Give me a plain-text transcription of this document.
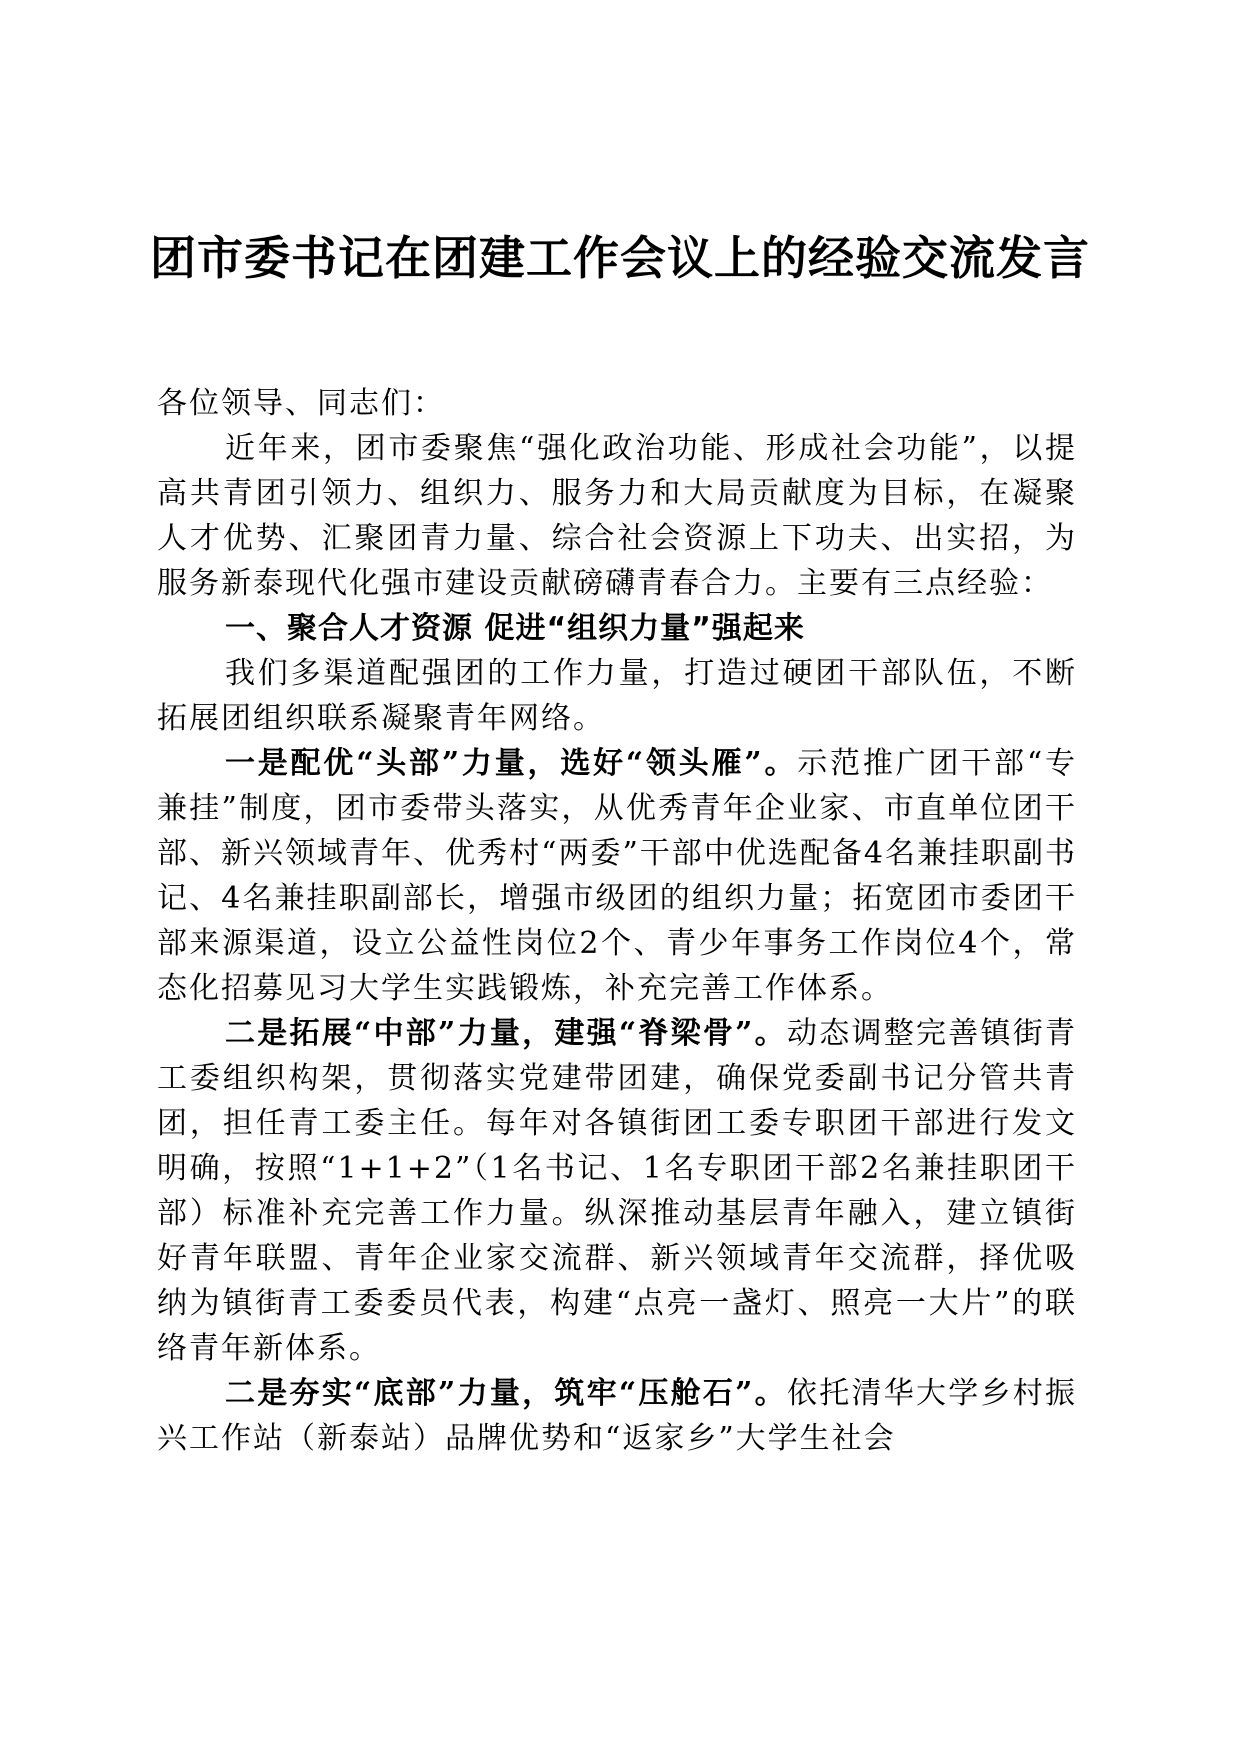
团市委书记在团建工作会议上的经验交流发言

各位领导、同志们：

近年来，团市委聚焦“强化政治功能、形成社会功能”，以提高共青团引领力、组织力、服务力和大局贡献度为目标，在凝聚人才优势、汇聚团青力量、综合社会资源上下功夫、出实招，为服务新泰现代化强市建设贡献磅礴青春合力。主要有三点经验：

一、聚合人才资源 促进“组织力量”强起来

我们多渠道配强团的工作力量，打造过硬团干部队伍，不断拓展团组织联系凝聚青年网络。

一是配优“头部”力量，选好“领头雁”。示范推广团干部“专兼挂”制度，团市委带头落实，从优秀青年企业家、市直单位团干部、新兴领域青年、优秀村“两委”干部中优选配备4名兼挂职副书记、4名兼挂职副部长，增强市级团的组织力量；拓宽团市委团干部来源渠道，设立公益性岗位2个、青少年事务工作岗位4个，常态化招募见习大学生实践锻炼，补充完善工作体系。

二是拓展“中部”力量，建强“脊梁骨”。动态调整完善镇街青工委组织构架，贯彻落实党建带团建，确保党委副书记分管共青团，担任青工委主任。每年对各镇街团工委专职团干部进行发文明确，按照“1+1+2”（1名书记、1名专职团干部2名兼挂职团干部）标准补充完善工作力量。纵深推动基层青年融入，建立镇街好青年联盟、青年企业家交流群、新兴领域青年交流群，择优吸纳为镇街青工委委员代表，构建“点亮一盏灯、照亮一大片”的联络青年新体系。

二是夯实“底部”力量，筑牢“压舱石”。依托清华大学乡村振兴工作站（新泰站）品牌优势和“返家乡”大学生社会
